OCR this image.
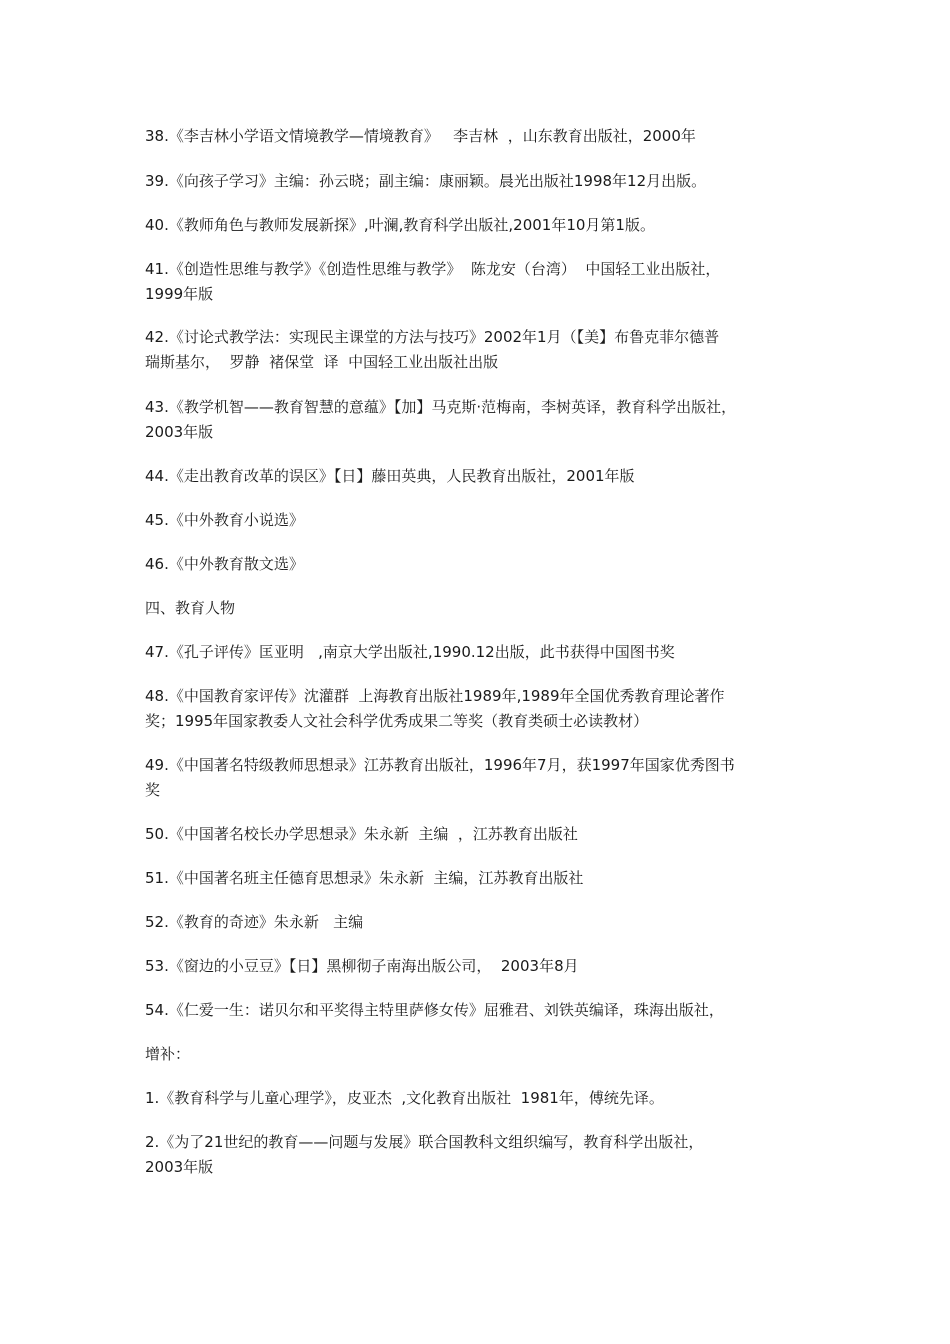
38.《李吉林小学语文情境教学—情境教育》   李吉林  ，山东教育出版社，2000年

39.《向孩子学习》主编：孙云晓；副主编：康丽颖。晨光出版社1998年12月出版。

40.《教师角色与教师发展新探》,叶澜,教育科学出版社,2001年10月第1版。

41.《创造性思维与教学》《创造性思维与教学》  陈龙安（台湾）  中国轻工业出版社，
1999年版

42.《讨论式教学法：实现民主课堂的方法与技巧》2002年1月（【美】布鲁克菲尔德普
瑞斯基尔，  罗静  褚保堂  译  中国轻工业出版社出版

43.《教学机智——教育智慧的意蕴》【加】马克斯·范梅南，李树英译，教育科学出版社，
2003年版

44.《走出教育改革的误区》【日】藤田英典，人民教育出版社，2001年版

45.《中外教育小说选》

46.《中外教育散文选》

四、教育人物

47.《孔子评传》匡亚明   ,南京大学出版社,1990.12出版，此书获得中国图书奖

48.《中国教育家评传》沈灌群  上海教育出版社1989年,1989年全国优秀教育理论著作
奖；1995年国家教委人文社会科学优秀成果二等奖（教育类硕士必读教材）

49.《中国著名特级教师思想录》江苏教育出版社，1996年7月，获1997年国家优秀图书
奖

50.《中国著名校长办学思想录》朱永新  主编  ，江苏教育出版社

51.《中国著名班主任德育思想录》朱永新  主编，江苏教育出版社

52.《教育的奇迹》朱永新   主编

53.《窗边的小豆豆》【日】黑柳彻子南海出版公司，  2003年8月

54.《仁爱一生：诺贝尔和平奖得主特里萨修女传》屈雅君、刘铁英编译，珠海出版社，

增补：

1.《教育科学与儿童心理学》，皮亚杰  ,文化教育出版社  1981年，傅统先译。

2.《为了21世纪的教育——问题与发展》联合国教科文组织编写，教育科学出版社，
2003年版
